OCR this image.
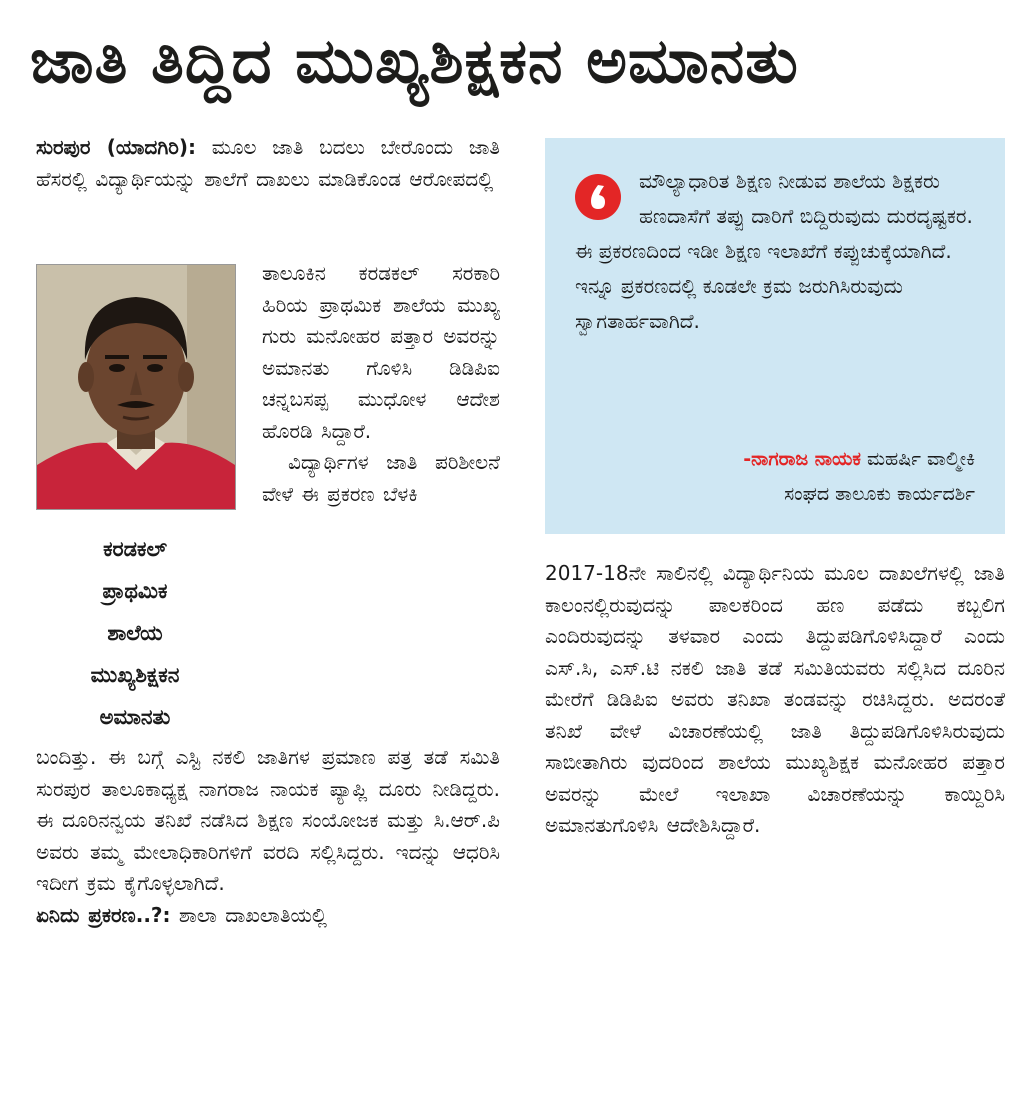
ಜಾತಿ ತಿದ್ದಿದ ಮುಖ್ಯಶಿಕ್ಷಕನ ಅಮಾನತು

ಸುರಪುರ (ಯಾದಗಿರಿ): ಮೂಲ ಜಾತಿ ಬದಲು ಬೇರೊಂದು ಜಾತಿ ಹೆಸರಲ್ಲಿ ವಿದ್ಯಾರ್ಥಿಯನ್ನು ಶಾಲೆಗೆ ದಾಖಲು ಮಾಡಿಕೊಂಡ ಆರೋಪದಲ್ಲಿ

ಕರಡಕಲ್
ಪ್ರಾಥಮಿಕ
ಶಾಲೆಯ
ಮುಖ್ಯಶಿಕ್ಷಕನ
ಅಮಾನತು

ತಾಲೂಕಿನ ಕರಡಕಲ್ ಸರಕಾರಿ ಹಿರಿಯ ಪ್ರಾಥಮಿಕ ಶಾಲೆಯ ಮುಖ್ಯ ಗುರು ಮನೋಹರ ಪತ್ತಾರ ಅವರನ್ನು ಅಮಾನತು ಗೊಳಿಸಿ ಡಿಡಿಪಿಐ ಚನ್ನಬಸಪ್ಪ ಮುಧೋಳ ಆದೇಶ ಹೊರಡಿ ಸಿದ್ದಾರೆ.

ವಿದ್ಯಾರ್ಥಿಗಳ ಜಾತಿ ಪರಿಶೀಲನೆ ವೇಳೆ ಈ ಪ್ರಕರಣ ಬೆಳಕಿ

ಬಂದಿತ್ತು. ಈ ಬಗ್ಗೆ ಎಸ್ಟಿ ನಕಲಿ ಜಾತಿಗಳ ಪ್ರಮಾಣ ಪತ್ರ ತಡೆ ಸಮಿತಿ ಸುರಪುರ ತಾಲೂಕಾಧ್ಯಕ್ಷ ನಾಗರಾಜ ನಾಯಕ ಪ್ಯಾಪ್ಲಿ ದೂರು ನೀಡಿದ್ದರು. ಈ ದೂರಿನನ್ವಯ ತನಿಖೆ ನಡೆಸಿದ ಶಿಕ್ಷಣ ಸಂಯೋಜಕ ಮತ್ತು ಸಿ.ಆರ್.ಪಿ ಅವರು ತಮ್ಮ ಮೇಲಾಧಿಕಾರಿಗಳಿಗೆ ವರದಿ ಸಲ್ಲಿಸಿದ್ದರು. ಇದನ್ನು ಆಧರಿಸಿ ಇದೀಗ ಕ್ರಮ ಕೈಗೊಳ್ಳಲಾಗಿದೆ.

ಏನಿದು ಪ್ರಕರಣ..?: ಶಾಲಾ ದಾಖಲಾತಿಯಲ್ಲಿ

ಮೌಲ್ಯಾಧಾರಿತ ಶಿಕ್ಷಣ ನೀಡುವ ಶಾಲೆಯ ಶಿಕ್ಷಕರು ಹಣದಾಸೆಗೆ ತಪ್ಪು ದಾರಿಗೆ ಬಿದ್ದಿರುವುದು ದುರದೃಷ್ಟಕರ. ಈ ಪ್ರಕರಣದಿಂದ ಇಡೀ ಶಿಕ್ಷಣ ಇಲಾಖೆಗೆ ಕಪ್ಪುಚುಕ್ಕೆಯಾಗಿದೆ. ಇನ್ನೂ ಪ್ರಕರಣದಲ್ಲಿ ಕೂಡಲೇ ಕ್ರಮ ಜರುಗಿಸಿರುವುದು ಸ್ವಾಗತಾರ್ಹವಾಗಿದೆ.

-ನಾಗರಾಜ ನಾಯಕ ಮಹರ್ಷಿ ವಾಲ್ಮೀಕಿ
ಸಂಘದ ತಾಲೂಕು ಕಾರ್ಯದರ್ಶಿ

2017-18ನೇ ಸಾಲಿನಲ್ಲಿ ವಿದ್ಯಾರ್ಥಿನಿಯ ಮೂಲ ದಾಖಲೆಗಳಲ್ಲಿ ಜಾತಿ ಕಾಲಂನಲ್ಲಿರುವುದನ್ನು ಪಾಲಕರಿಂದ ಹಣ ಪಡೆದು ಕಬ್ಬಲಿಗ ಎಂದಿರುವುದನ್ನು ತಳವಾರ ಎಂದು ತಿದ್ದುಪಡಿಗೊಳಿಸಿದ್ದಾರೆ ಎಂದು ಎಸ್.ಸಿ, ಎಸ್.ಟಿ ನಕಲಿ ಜಾತಿ ತಡೆ ಸಮಿತಿಯವರು ಸಲ್ಲಿಸಿದ ದೂರಿನ ಮೇರೆಗೆ ಡಿಡಿಪಿಐ ಅವರು ತನಿಖಾ ತಂಡವನ್ನು ರಚಿಸಿದ್ದರು. ಅದರಂತೆ ತನಿಖೆ ವೇಳೆ ವಿಚಾರಣೆಯಲ್ಲಿ ಜಾತಿ ತಿದ್ದುಪಡಿಗೊಳಿಸಿರುವುದು ಸಾಬೀತಾಗಿರು ವುದರಿಂದ ಶಾಲೆಯ ಮುಖ್ಯಶಿಕ್ಷಕ ಮನೋಹರ ಪತ್ತಾರ ಅವರನ್ನು ಮೇಲೆ ಇಲಾಖಾ ವಿಚಾರಣೆಯನ್ನು ಕಾಯ್ದಿರಿಸಿ ಅಮಾನತುಗೊಳಿಸಿ ಆದೇಶಿಸಿದ್ದಾರೆ.
